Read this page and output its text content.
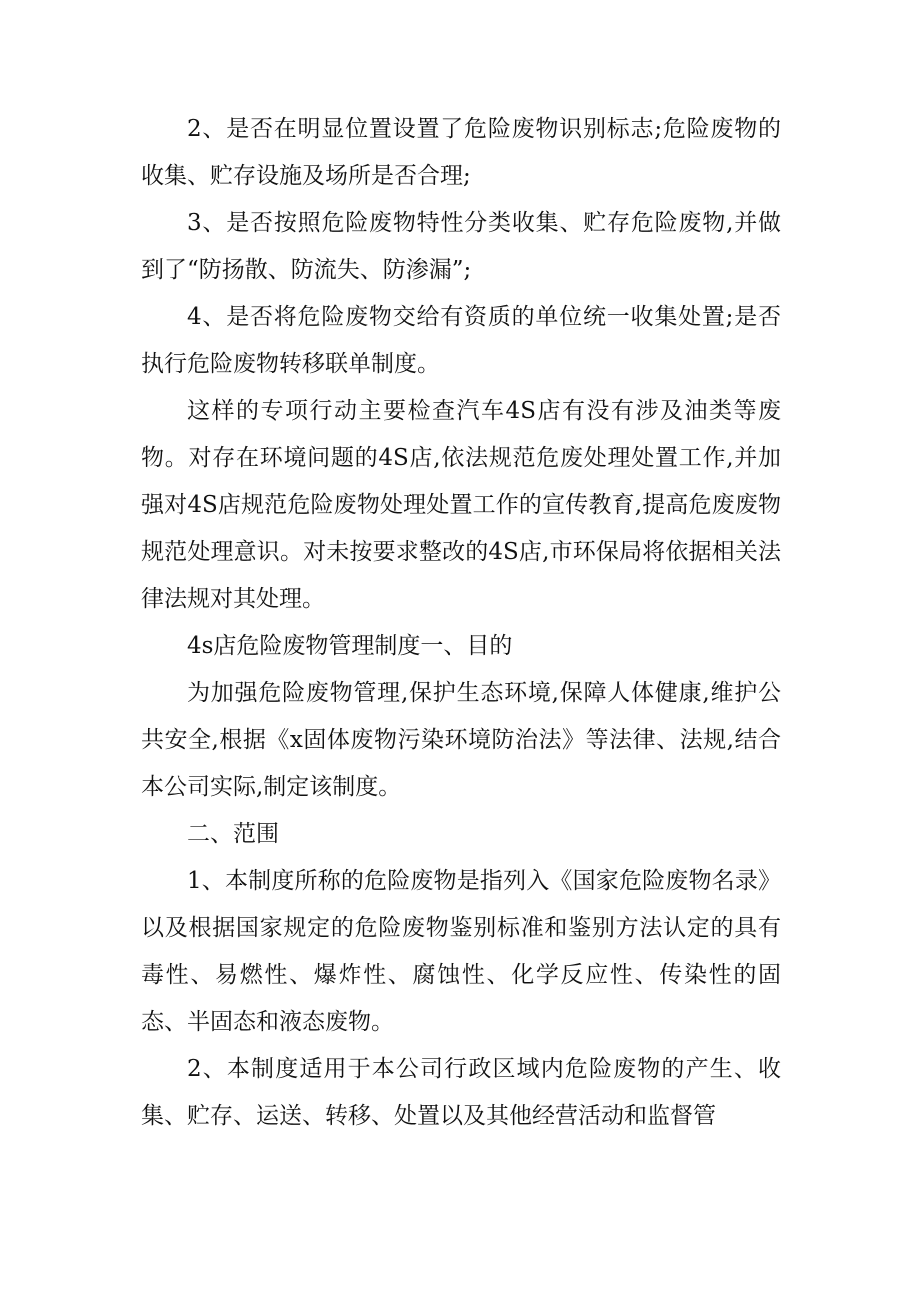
2、是否在明显位置设置了危险废物识别标志;危险废物的收集、贮存设施及场所是否合理;

3、是否按照危险废物特性分类收集、贮存危险废物,并做到了“防扬散、防流失、防渗漏”;

4、是否将危险废物交给有资质的单位统一收集处置;是否执行危险废物转移联单制度。

这样的专项行动主要检查汽车4S店有没有涉及油类等废物。对存在环境问题的4S店,依法规范危废处理处置工作,并加强对4S店规范危险废物处理处置工作的宣传教育,提高危废废物规范处理意识。对未按要求整改的4S店,市环保局将依据相关法律法规对其处理。

4s店危险废物管理制度一、目的

为加强危险废物管理,保护生态环境,保障人体健康,维护公共安全,根据《x固体废物污染环境防治法》等法律、法规,结合本公司实际,制定该制度。

二、范围

1、本制度所称的危险废物是指列入《国家危险废物名录》以及根据国家规定的危险废物鉴别标准和鉴别方法认定的具有毒性、易燃性、爆炸性、腐蚀性、化学反应性、传染性的固态、半固态和液态废物。

2、本制度适用于本公司行政区域内危险废物的产生、收集、贮存、运送、转移、处置以及其他经营活动和监督管
